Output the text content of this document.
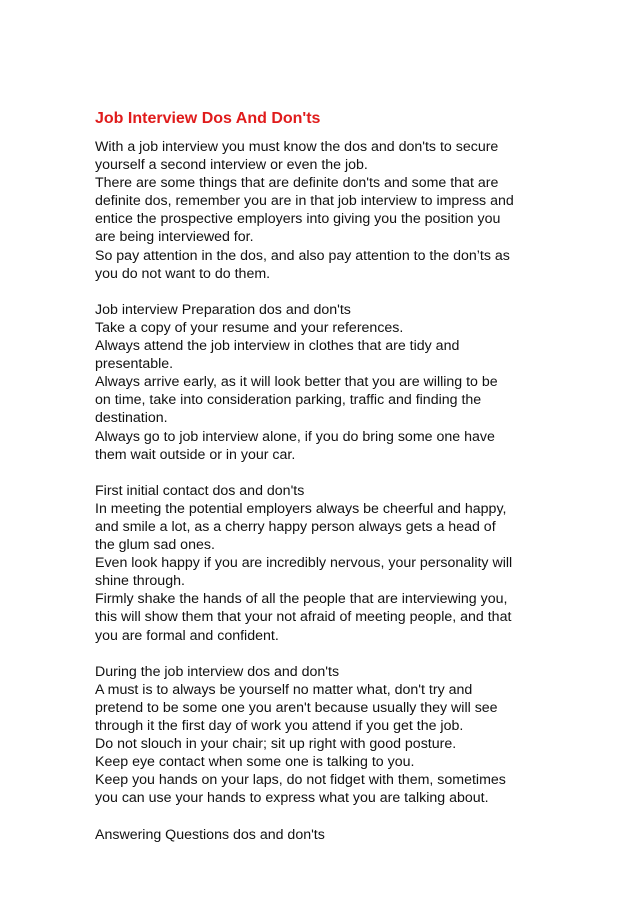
Job Interview Dos And Don'ts
With a job interview you must know the dos and don'ts to secure
yourself a second interview or even the job.
There are some things that are definite don'ts and some that are
definite dos, remember you are in that job interview to impress and
entice the prospective employers into giving you the position you
are being interviewed for.
So pay attention in the dos, and also pay attention to the don’ts as
you do not want to do them.
Job interview Preparation dos and don'ts
Take a copy of your resume and your references.
Always attend the job interview in clothes that are tidy and
presentable.
Always arrive early, as it will look better that you are willing to be
on time, take into consideration parking, traffic and finding the
destination.
Always go to job interview alone, if you do bring some one have
them wait outside or in your car.
First initial contact dos and don'ts
In meeting the potential employers always be cheerful and happy,
and smile a lot, as a cherry happy person always gets a head of
the glum sad ones.
Even look happy if you are incredibly nervous, your personality will
shine through.
Firmly shake the hands of all the people that are interviewing you,
this will show them that your not afraid of meeting people, and that
you are formal and confident.
During the job interview dos and don'ts
A must is to always be yourself no matter what, don't try and
pretend to be some one you aren't because usually they will see
through it the first day of work you attend if you get the job.
Do not slouch in your chair; sit up right with good posture.
Keep eye contact when some one is talking to you.
Keep you hands on your laps, do not fidget with them, sometimes
you can use your hands to express what you are talking about.
Answering Questions dos and don'ts
